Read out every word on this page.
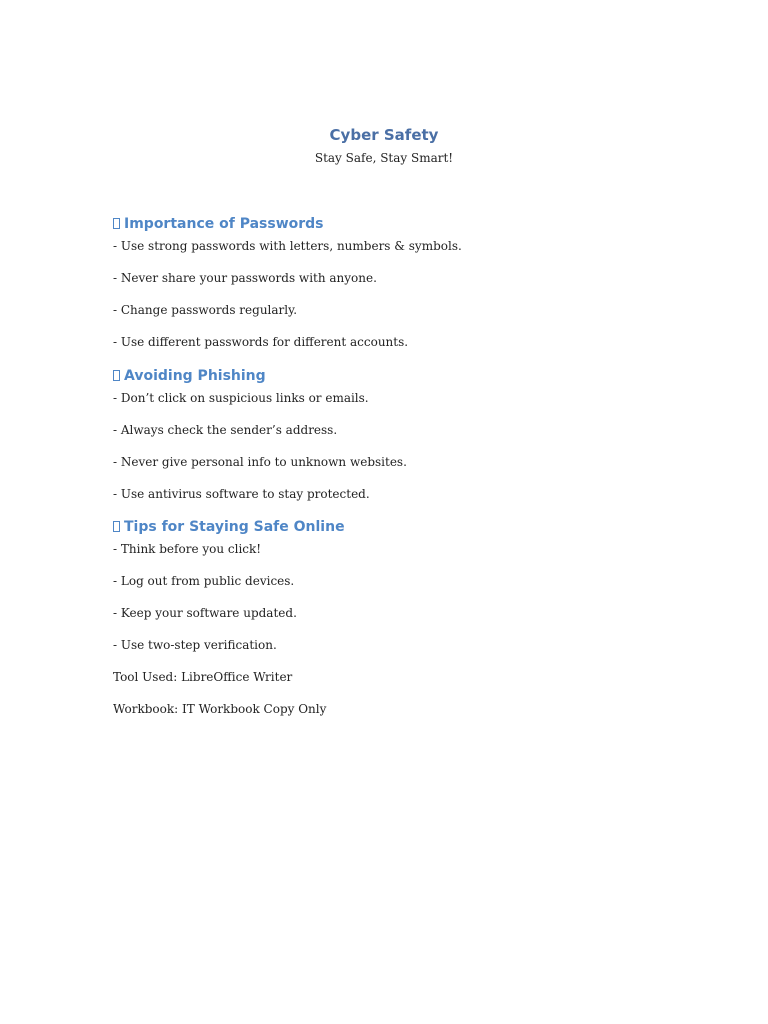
Cyber Safety
Stay Safe, Stay Smart!
Importance of Passwords
- Use strong passwords with letters, numbers & symbols.
- Never share your passwords with anyone.
- Change passwords regularly.
- Use different passwords for different accounts.
Avoiding Phishing
- Don’t click on suspicious links or emails.
- Always check the sender’s address.
- Never give personal info to unknown websites.
- Use antivirus software to stay protected.
Tips for Staying Safe Online
- Think before you click!
- Log out from public devices.
- Keep your software updated.
- Use two-step verification.
Tool Used: LibreOffice Writer
Workbook: IT Workbook Copy Only
